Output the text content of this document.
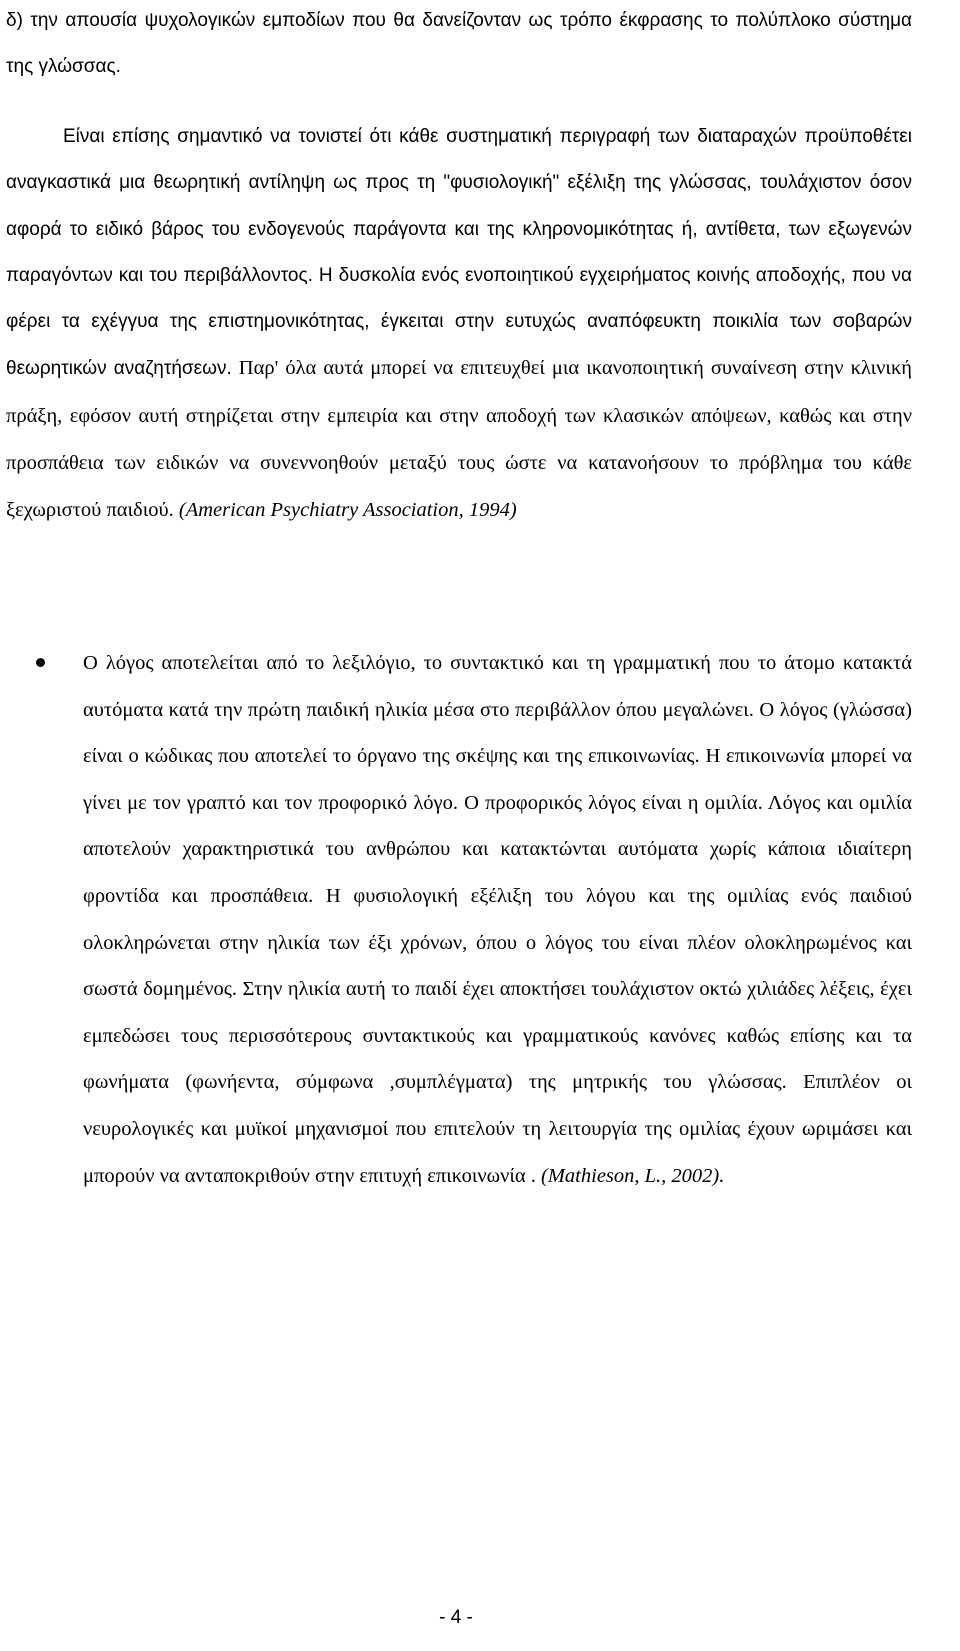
δ) την απουσία ψυχολογικών εμποδίων που θα δανείζονταν ως τρόπο έκφρασης το πολύπλοκο σύστημα της γλώσσας.

Είναι επίσης σημαντικό να τονιστεί ότι κάθε συστηματική περιγραφή των διαταραχών προϋποθέτει αναγκαστικά μια θεωρητική αντίληψη ως προς τη "φυσιολογική" εξέλιξη της γλώσσας, τουλάχιστον όσον αφορά το ειδικό βάρος του ενδογενούς παράγοντα και της κληρονομικότητας ή, αντίθετα, των εξωγενών παραγόντων και του περιβάλλοντος. Η δυσκολία ενός ενοποιητικού εγχειρήματος κοινής αποδοχής, που να φέρει τα εχέγγυα της επιστημονικότητας, έγκειται στην ευτυχώς αναπόφευκτη ποικιλία των σοβαρών θεωρητικών αναζητήσεων. Παρ' όλα αυτά μπορεί να επιτευχθεί μια ικανοποιητική συναίνεση στην κλινική πράξη, εφόσον αυτή στηρίζεται στην εμπειρία και στην αποδοχή των κλασικών απόψεων, καθώς και στην προσπάθεια των ειδικών να συνεννοηθούν μεταξύ τους ώστε να κατανοήσουν το πρόβλημα του κάθε ξεχωριστού παιδιού. (American Psychiatry Association, 1994)

Ο λόγος αποτελείται από το λεξιλόγιο, το συντακτικό και τη γραμματική που το άτομο κατακτά αυτόματα κατά την πρώτη παιδική ηλικία μέσα στο περιβάλλον όπου μεγαλώνει. Ο λόγος (γλώσσα) είναι ο κώδικας που αποτελεί το όργανο της σκέψης και της επικοινωνίας. Η επικοινωνία μπορεί να γίνει με τον γραπτό και τον προφορικό λόγο. Ο προφορικός λόγος είναι η ομιλία. Λόγος και ομιλία αποτελούν χαρακτηριστικά του ανθρώπου και κατακτώνται αυτόματα χωρίς κάποια ιδιαίτερη φροντίδα και προσπάθεια. Η φυσιολογική εξέλιξη του λόγου και της ομιλίας ενός παιδιού ολοκληρώνεται στην ηλικία των έξι χρόνων, όπου ο λόγος του είναι πλέον ολοκληρωμένος και σωστά δομημένος. Στην ηλικία αυτή το παιδί έχει αποκτήσει τουλάχιστον οκτώ χιλιάδες λέξεις, έχει εμπεδώσει τους περισσότερους συντακτικούς και γραμματικούς κανόνες καθώς επίσης και τα φωνήματα (φωνήεντα, σύμφωνα ,συμπλέγματα) της μητρικής του γλώσσας. Επιπλέον οι νευρολογικές και μυϊκοί μηχανισμοί που επιτελούν τη λειτουργία της ομιλίας έχουν ωριμάσει και μπορούν να ανταποκριθούν στην επιτυχή επικοινωνία . (Mathieson, L., 2002).

- 4 -
